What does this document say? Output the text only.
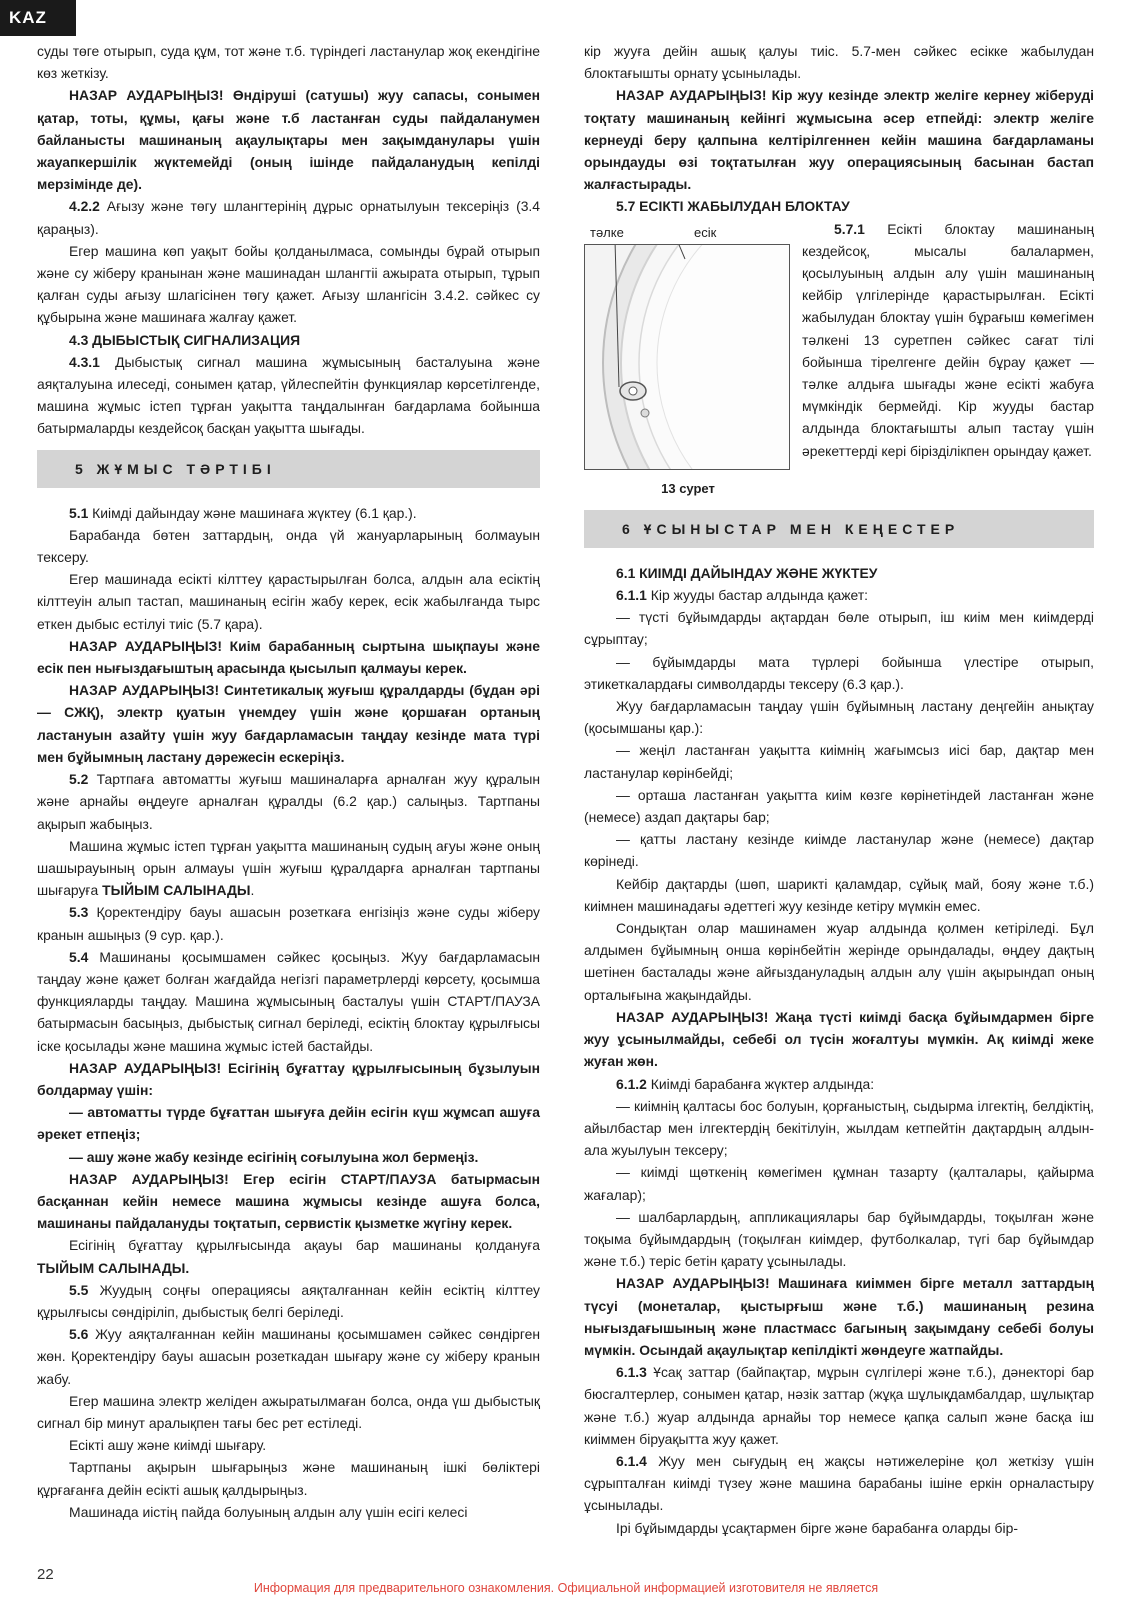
KAZ

суды төге отырып, суда құм, тот және т.б. түріндегі ластанулар жоқ екендігіне көз жеткізу.

НАЗАР АУДАРЫҢЫЗ! Өндіруші (сатушы) жуу сапасы, сонымен қатар, тоты, құмы, қағы және т.б ластанған суды пайдаланумен байланысты машинаның ақаулықтары мен зақымданулары үшін жауапкершілік жүктемейді (оның ішінде пайдаланудың кепілді мерзімінде де).

4.2.2 Ағызу және төгу шлангтерінің дұрыс орнатылуын тексеріңіз (3.4 қараңыз).

Егер машина көп уақыт бойы қолданылмаса, сомынды бұрай отырып және су жіберу кранынан және машинадан шлангтіі ажырата отырып, тұрып қалған суды ағызу шлагісінен төгу қажет. Ағызу шлангісін 3.4.2. сәйкес су құбырына және машинаға жалғау қажет.

4.3 ДЫБЫСТЫҚ СИГНАЛИЗАЦИЯ

4.3.1 Дыбыстық сигнал машина жұмысының басталуына және аяқталуына илеседі, сонымен қатар, үйлеспейтін функциялар көрсетілгенде, машина жұмыс істеп тұрған уақытта таңдалынған бағдарлама бойынша батырмаларды кездейсоқ басқан уақытта шығады.

5 ЖҰМЫС ТӘРТІБІ

5.1 Киімді дайындау және машинаға жүктеу (6.1 қар.).

Барабанда бөтен заттардың, онда үй жануарларының болмауын тексеру.

Егер машинада есікті кілттеу қарастырылған болса, алдын ала есіктің кілттеуін алып тастап, машинаның есігін жабу керек, есік жабылғанда тырс еткен дыбыс естілуі тиіс (5.7 қара).

НАЗАР АУДАРЫҢЫЗ! Киім барабанның сыртына шықпауы және есік пен нығыздағыштың арасында қысылып қалмауы керек.

НАЗАР АУДАРЫҢЫЗ! Синтетикалық жуғыш құралдарды (бұдан әрі — СЖҚ), электр қуатын үнемдеу үшін және қоршаған ортаның ластануын азайту үшін жуу бағдарламасын таңдау кезінде мата түрі мен бұйымның ластану дәрежесін ескеріңіз.

5.2 Тартпаға автоматты жуғыш машиналарға арналған жуу құралын және арнайы өңдеуге арналған құралды (6.2 қар.) салыңыз. Тартпаны ақырып жабыңыз.

Машина жұмыс істеп тұрған уақытта машинаның судың ағуы және оның шашырауының орын алмауы үшін жуғыш құралдарға арналған тартпаны шығаруға ТЫЙЫМ САЛЫНАДЫ.

5.3 Қоректендіру бауы ашасын розеткаға енгізіңіз және суды жіберу кранын ашыңыз (9 сур. қар.).

5.4 Машинаны қосымшамен сәйкес қосыңыз. Жуу бағдарламасын таңдау және қажет болған жағдайда негізгі параметрлерді көрсету, қосымша функцияларды таңдау. Машина жұмысының басталуы үшін СТАРТ/ПАУЗА батырмасын басыңыз, дыбыстық сигнал беріледі, есіктің блоктау құрылғысы іске қосылады және машина жұмыс істей бастайды.

НАЗАР АУДАРЫҢЫЗ! Есігінің бұғаттау құрылғысының бұзылуын болдармау үшін:

— автоматты түрде бұғаттан шығуға дейін есігін күш жұмсап ашуға әрекет етпеңіз;

— ашу және жабу кезінде есігінің соғылуына жол бермеңіз.

НАЗАР АУДАРЫҢЫЗ! Егер есігін СТАРТ/ПАУЗА батырмасын басқаннан кейін немесе машина жұмысы кезінде ашуға болса, машинаны пайдалануды тоқтатып, сервистік қызметке жүгіну керек.

Есігінің бұғаттау құрылғысында ақауы бар машинаны қолдануға ТЫЙЫМ САЛЫНАДЫ.

5.5 Жуудың соңғы операциясы аяқталғаннан кейін есіктің кілттеу құрылғысы сөндіріліп, дыбыстық белгі беріледі.

5.6 Жуу аяқталғаннан кейін машинаны қосымшамен сәйкес сөндірген жөн. Қоректендіру бауы ашасын розеткадан шығару және су жіберу кранын жабу.

Егер машина электр желіден ажыратылмаған болса, онда үш дыбыстық сигнал бір минут аралықпен тағы бес рет естіледі.

Есікті ашу және киімді шығару.

Тартпаны ақырын шығарыңыз және машинаның ішкі бөліктері құрғағанға дейін есікті ашық қалдырыңыз.

Машинада иістің пайда болуының алдын алу үшін есігі келесі

кір жууға дейін ашық қалуы тиіс. 5.7-мен сәйкес есікке жабылудан блоктағышты орнату ұсынылады.

НАЗАР АУДАРЫҢЫЗ! Кір жуу кезінде электр желіге кернеу жіберуді тоқтату машинаның кейінгі жұмысына әсер етпейді: электр желіге кернеуді беру қалпына келтірілгеннен кейін машина бағдарламаны орындауды өзі тоқтатылған жуу операциясының басынан бастап жалғастырады.

5.7 ЕСІКТІ ЖАБЫЛУДАН БЛОКТАУ

тәлке	есік
13 сурет

5.7.1 Есікті блоктау машинаның кездейсоқ, мысалы балалармен, қосылуының алдын алу үшін машинаның кейбір үлгілерінде қарастырылған. Есікті жабылудан блоктау үшін бұрағыш көмегімен тәлкені 13 суретпен сәйкес сағат тілі бойынша тірелгенге дейін бұрау қажет — тәлке алдыға шығады және есікті жабуға мүмкіндік бермейді. Кір жууды бастар алдында блоктағышты алып тастау үшін әрекеттерді кері бірізділікпен орындау қажет.

6 ҰСЫНЫСТАР МЕН КЕҢЕСТЕР

6.1 КИІМДІ ДАЙЫНДАУ ЖӘНЕ ЖҮКТЕУ

6.1.1 Кір жууды бастар алдында қажет:

— түсті бұйымдарды ақтардан бөле отырып, іш киім мен киімдерді сұрыптау;

— бұйымдарды мата түрлері бойынша үлестіре отырып, этикеткалардағы символдарды тексеру (6.3 қар.).

Жуу бағдарламасын таңдау үшін бұйымның ластану деңгейін анықтау (қосымшаны қар.):

— жеңіл ластанған уақытта киімнің жағымсыз иісі бар, дақтар мен ластанулар көрінбейді;

— орташа ластанған уақытта киім көзге көрінетіндей ластанған және (немесе) аздап дақтары бар;

— қатты ластану кезінде киімде ластанулар және (немесе) дақтар көрінеді.

Кейбір дақтарды (шөп, шарикті қаламдар, сұйық май, бояу және т.б.) киімнен машинадағы әдеттегі жуу кезінде кетіру мүмкін емес.

Сондықтан олар машинамен жуар алдында қолмен кетіріледі. Бұл алдымен бұйымның онша көрінбейтін жерінде орындалады, өңдеу дақтың шетінен басталады және айғыздануладың алдын алу үшін ақырындап оның орталығына жақындайды.

НАЗАР АУДАРЫҢЫЗ! Жаңа түсті киімді басқа бұйымдармен бірге жуу ұсынылмайды, себебі ол түсін жоғалтуы мүмкін. Ақ киімді жеке жуған жөн.

6.1.2 Киімді барабанға жүктер алдында:

— киімнің қалтасы бос болуын, қорғаныстың, сыдырма ілгектің, белдіктің, айылбастар мен ілгектердің бекітілуін, жылдам кетпейтін дақтардың алдын-ала жуылуын тексеру;

— киімді щөткенің көмегімен құмнан тазарту (қалталары, қайырма жағалар);

— шалбарлардың, аппликациялары бар бұйымдарды, тоқылған және тоқыма бұйымдардың (тоқылған киімдер, футболкалар, түгі бар бұйымдар және т.б.) теріс бетін қарату ұсынылады.

НАЗАР АУДАРЫҢЫЗ! Машинаға киіммен бірге металл заттардың түсуі (монеталар, қыстырғыш және т.б.) машинаның резина нығыздағышының және пластмасс багының зақымдану себебі болуы мүмкін. Осындай ақаулықтар кепілдікті жөндеуге жатпайды.

6.1.3 Ұсақ заттар (байпақтар, мұрын сүлгілері және т.б.), дәнекторі бар бюсгалтерлер, сонымен қатар, нәзік заттар (жұқа шұлықдамбалдар, шұлықтар және т.б.) жуар алдында арнайы тор немесе қапқа салып және басқа іш киіммен біруақытта жуу қажет.

6.1.4 Жуу мен сығудың ең жақсы нәтижелеріне қол жеткізу үшін сұрыпталған киімді түзеу және машина барабаны ішіне еркін орналастыру ұсынылады.

Ірі бұйымдарды ұсақтармен бірге және барабанға оларды бір-

22
Информация для предварительного ознакомления. Официальной информацией изготовителя не является
